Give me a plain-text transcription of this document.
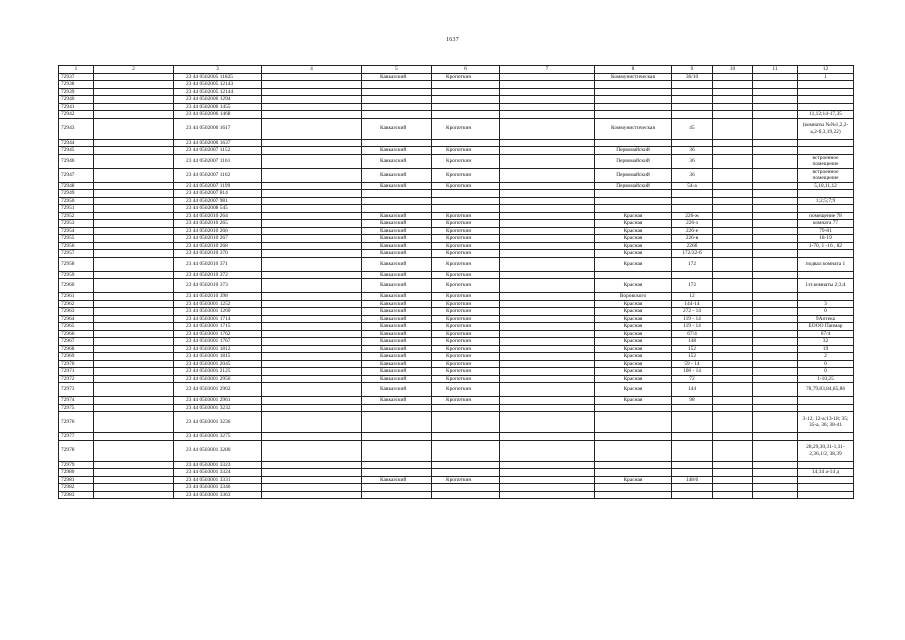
1637
1	2	3	4	5	6	7	8	9	10	11	12
72937		23 44 0502005 11825		Кавказский	Кропоткин		Коммунистическая	36/10			1
72938		23 44 0502005 12143									
72939		23 44 0502005 12144									
72940		23 44 0502006 1294									
72941		23 44 0502006 1455									
72942		23 44 0502006 1468									11,12;14-17,35
72943		23 44 0502006 1617		Кавказский	Кропоткин		Коммунистическая	45			(комнаты №№1,2,2-а,2-б,3,19,22)
72944		23 44 0502006 1637									
72945		23 44 0502007 1152		Кавказский	Кропоткин		Первомайский	36			
72946		23 44 0502007 1161		Кавказский	Кропоткин		Первомайский	36			встроенное помещение
72947		23 44 0502007 1162		Кавказский	Кропоткин		Первомайский	36			встроенное помещение
72948		23 44 0502007 1199		Кавказский	Кропоткин		Первомайский	54-а			5,10,11,12
72949		23 44 0502007 814									
72950		23 44 0502007 981									1;2;5;7;9
72951		23 44 0502008 545									
72952		23 44 0502010 264		Кавказский	Кропоткин		Красная	226-ж			помещение 78
72953		23 44 0502010 265		Кавказский	Кропоткин		Красная	226-з			комната 77
72954		23 44 0502010 266		Кавказский	Кропоткин		Красная	226-е			79-81
72955		23 44 0502010 267		Кавказский	Кропоткин		Красная	226-в			18-19
72956		23 44 0502010 268		Кавказский	Кропоткин		Красная	226б			1-70, 1 -16 , 82
72957		23 44 0502010 370		Кавказский	Кропоткин		Красная	172/22-б			
72958		23 44 0502010 371		Кавказский	Кропоткин		Красная	172			подвал комната 1
72959		23 44 0502010 372		Кавказский	Кропоткин						
72960		23 44 0502010 373		Кавказский	Кропоткин		Красная	172			1эт.комнаты 2;3;4
72961		23 44 0502010 398		Кавказский	Кропоткин		Воровского	12			
72962		23 44 0503001 1252		Кавказский	Кропоткин		Красная	144-14			3
72963		23 44 0503001 1260		Кавказский	Кропоткин		Красная	272 - 14			0
72964		23 44 0503001 1714		Кавказский	Кропоткин		Красная	119 - 14			9Аптека
72965		23 44 0503001 1715		Кавказский	Кропоткин		Красная	119 - 14			ЕООО Панмар
72966		23 44 0503001 1762		Кавказский	Кропоткин		Красная	67/4			67/4
72967		23 44 0503001 1767		Кавказский	Кропоткин		Красная	148			32
72968		23 44 0503001 1812		Кавказский	Кропоткин		Красная	152			19
72969		23 44 0503001 1815		Кавказский	Кропоткин		Красная	152			2
72970		23 44 0503001 2045		Кавказский	Кропоткин		Красная	59 - 14			0
72971		23 44 0503001 2125		Кавказский	Кропоткин		Красная	108 - 14			0
72972		23 44 0503001 2956		Кавказский	Кропоткин		Красная	72			1-10,25
72973		23 44 0503001 2962		Кавказский	Кропоткин		Красная	144			78,79,83,84,85,86
72974		23 44 0503001 2961		Кавказский	Кропоткин		Красная	98			
72975		23 44 0503001 3232									
72976		23 44 0503001 3236									3-12, 12-а;13-18; 35; 35-а, 36; 38-41
72977		23 44 0503001 3275									
72978		23 44 0503001 3280									28,29,30,31-1,31-2,36,1/2, 38,39
72979		23 44 0503001 3323									
72980		23 44 0503001 3324									14;14 а-14 д
72981		23 44 0503001 3331		Кавказский	Кропоткин		Красная	148/6			
72982		23 44 0503001 3346									
72983		23 44 0503001 3363									
